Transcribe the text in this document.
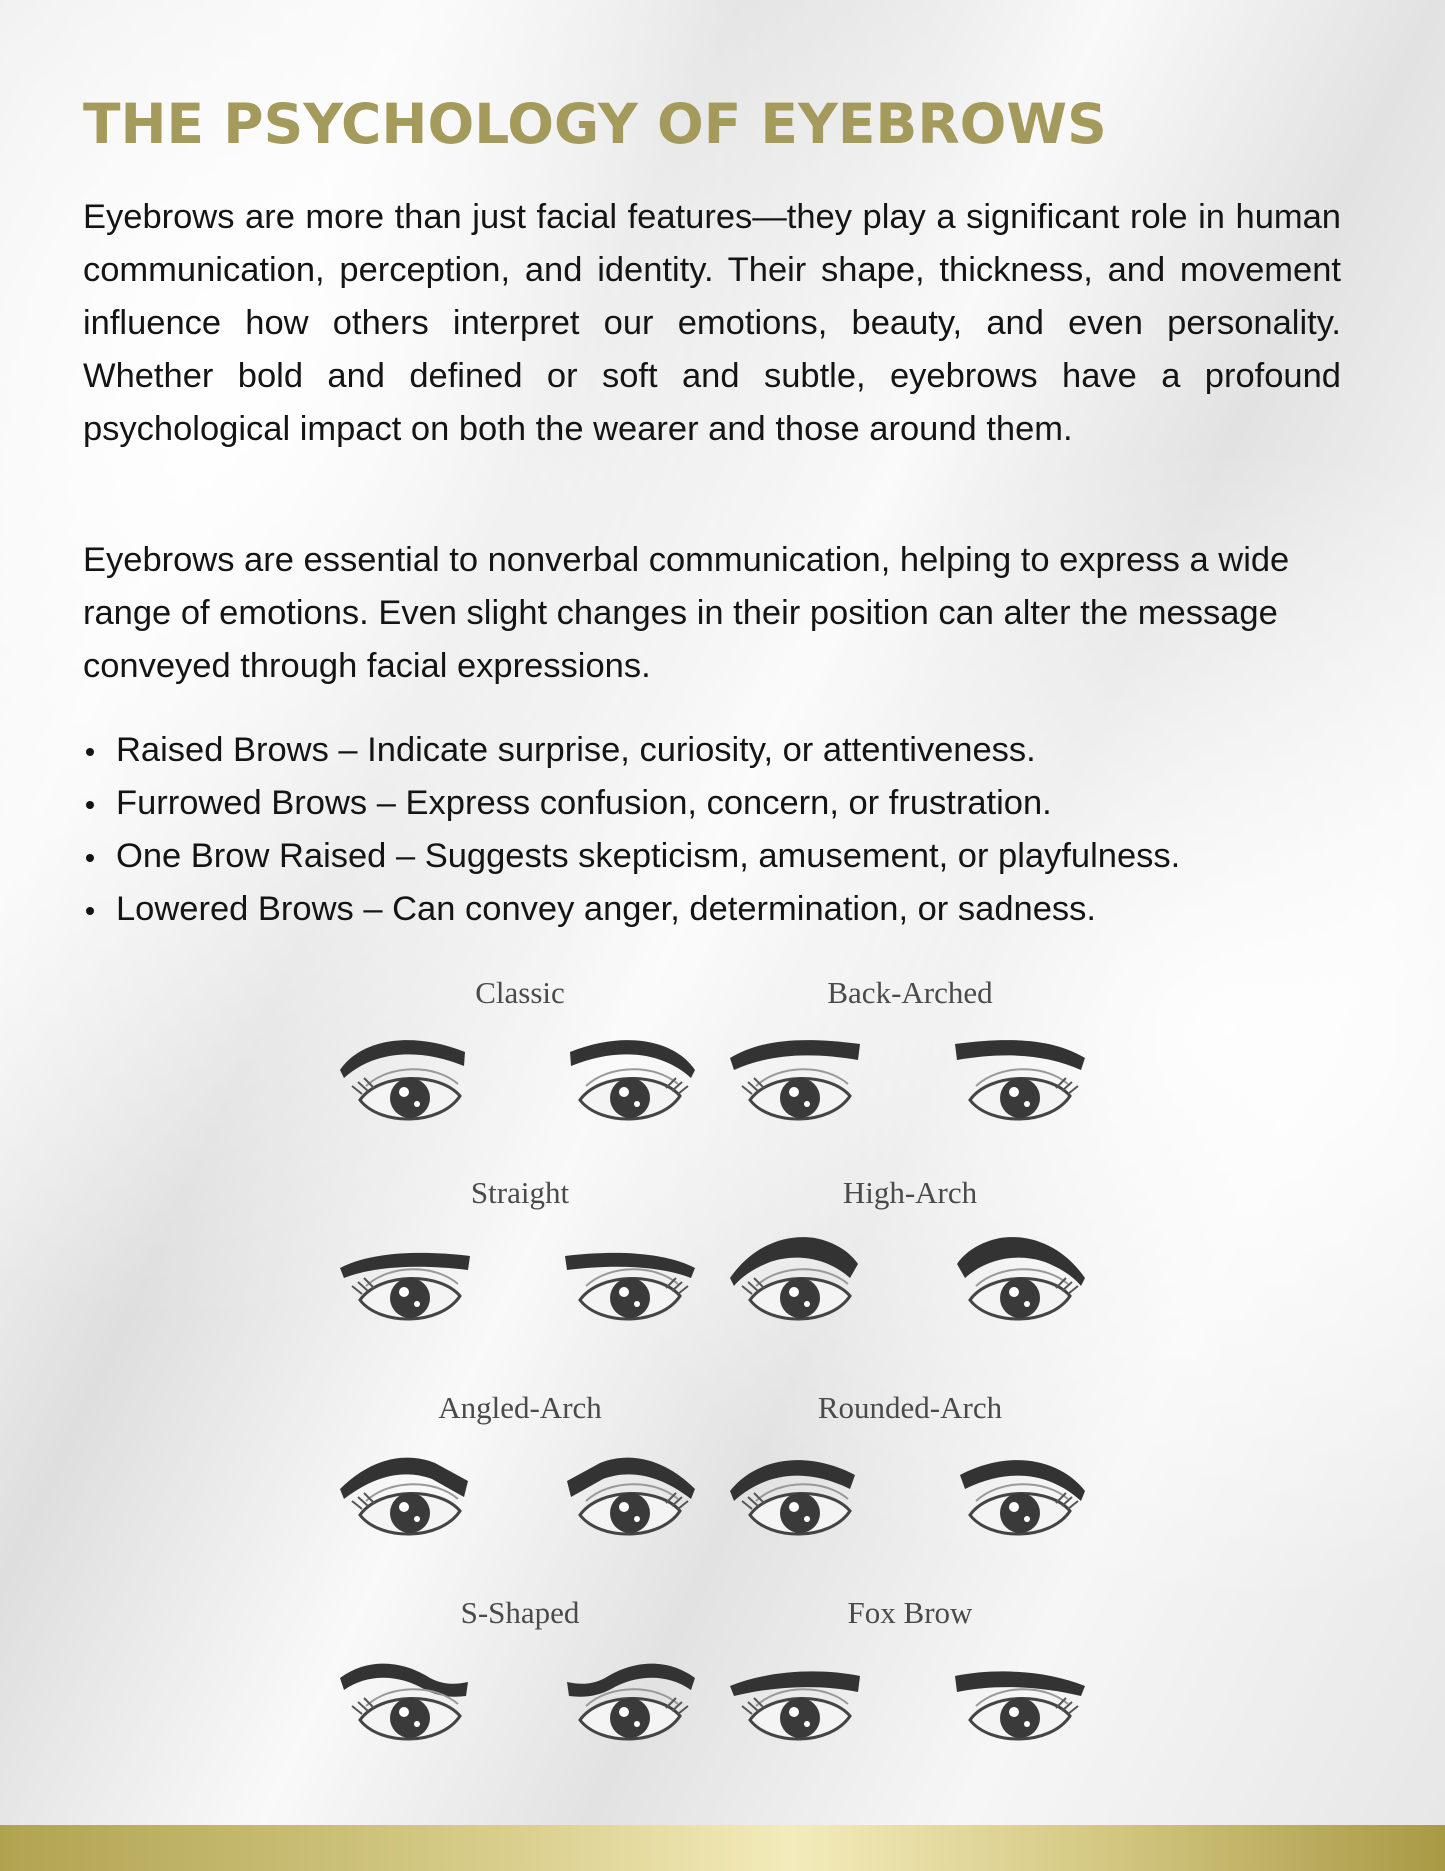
THE PSYCHOLOGY OF EYEBROWS

Eyebrows are more than just facial features—they play a significant role in human communication, perception, and identity. Their shape, thickness, and movement influence how others interpret our emotions, beauty, and even personality. Whether bold and defined or soft and subtle, eyebrows have a profound psychological impact on both the wearer and those around them.

Eyebrows are essential to nonverbal communication, helping to express a wide range of emotions. Even slight changes in their position can alter the message conveyed through facial expressions.

Raised Brows – Indicate surprise, curiosity, or attentiveness.
Furrowed Brows – Express confusion, concern, or frustration.
One Brow Raised – Suggests skepticism, amusement, or playfulness.
Lowered Brows – Can convey anger, determination, or sadness.
Classic	Back-Arched
Straight	High-Arch
Angled-Arch	Rounded-Arch
S-Shaped	Fox Brow
